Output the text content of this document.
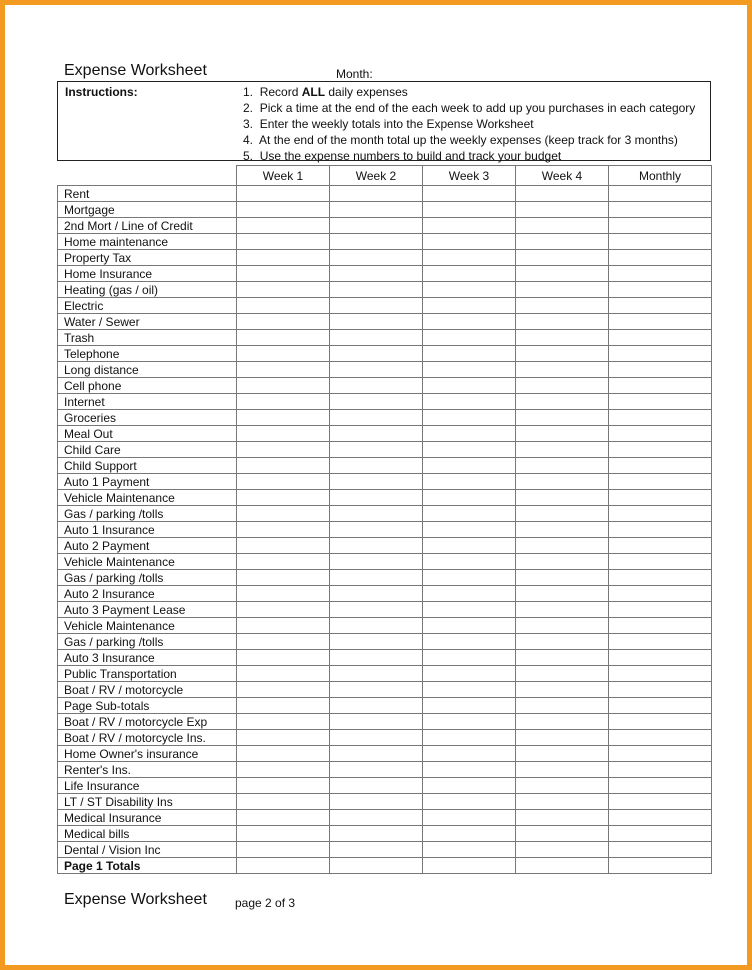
Expense Worksheet	Month:
Instructions:	1. Record ALL daily expenses
2. Pick a time at the end of the each week to add up you purchases in each category
3. Enter the weekly totals into the Expense Worksheet
4. At the end of the month total up the weekly expenses (keep track for 3 months)
5. Use the expense numbers to build and track your budget
	Week 1	Week 2	Week 3	Week 4	Monthly
Rent					
Mortgage					
2nd Mort / Line of Credit					
Home maintenance					
Property Tax					
Home Insurance					
Heating (gas / oil)					
Electric					
Water / Sewer					
Trash					
Telephone					
Long distance					
Cell phone					
Internet					
Groceries					
Meal Out					
Child Care					
Child Support					
Auto 1 Payment					
Vehicle Maintenance					
Gas / parking /tolls					
Auto 1 Insurance					
Auto 2 Payment					
Vehicle Maintenance					
Gas / parking /tolls					
Auto 2 Insurance					
Auto 3 Payment Lease					
Vehicle Maintenance					
Gas / parking /tolls					
Auto 3 Insurance					
Public Transportation					
Boat / RV / motorcycle					
Page Sub-totals					
Boat / RV / motorcycle Exp					
Boat / RV / motorcycle Ins.					
Home Owner's insurance					
Renter's Ins.					
Life Insurance					
LT / ST Disability Ins					
Medical Insurance					
Medical bills					
Dental / Vision Inc					
Page 1 Totals					
Expense Worksheet page 2 of 3
